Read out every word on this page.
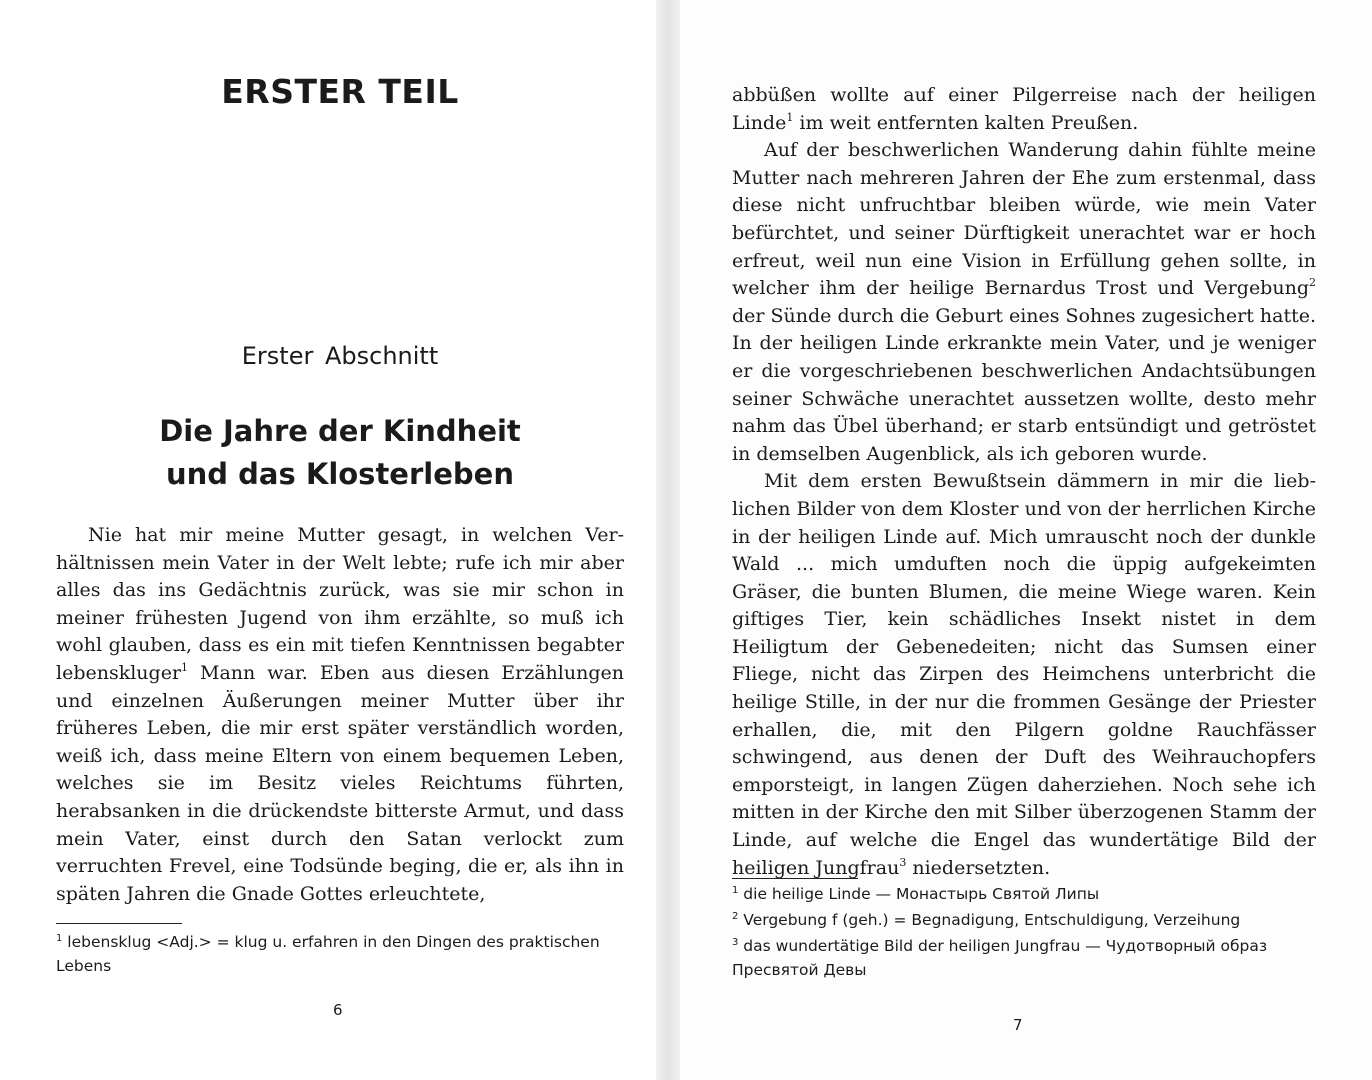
ERSTER TEIL
Erster Abschnitt
Die Jahre der Kindheit
und das Klosterleben

Nie hat mir meine Mutter gesagt, in welchen Verhältnissen mein Vater in der Welt lebte; rufe ich mir aber alles das ins Gedächtnis zurück, was sie mir schon in meiner frühesten Jugend von ihm erzählte, so muß ich wohl glauben, dass es ein mit tiefen Kenntnissen begabter lebenskluger$^1$ Mann war. Eben aus diesen Erzählungen und einzelnen Äußerungen meiner Mutter über ihr früheres Leben, die mir erst später verständlich worden, weiß ich, dass meine Eltern von einem bequemen Leben, welches sie im Besitz vieles Reichtums führten, herabsanken in die drückendste bitterste Armut, und dass mein Vater, einst durch den Satan verlockt zum verruchten Frevel, eine Todsünde beging, die er, als ihn in späten Jahren die Gnade Gottes erleuchtete,

$^1$ lebensklug <Adj.> = klug u. erfahren in den Dingen des praktischen Lebens

6

abbüßen wollte auf einer Pilgerreise nach der heiligen Linde$^1$ im weit entfernten kalten Preußen.

Auf der beschwerlichen Wanderung dahin fühlte meine Mutter nach mehreren Jahren der Ehe zum erstenmal, dass diese nicht unfruchtbar bleiben würde, wie mein Vater befürchtet, und seiner Dürftigkeit unerachtet war er hoch erfreut, weil nun eine Vision in Erfüllung gehen sollte, in welcher ihm der heilige Bernardus Trost und Vergebung$^2$ der Sünde durch die Geburt eines Sohnes zugesichert hatte. In der heiligen Linde erkrankte mein Vater, und je weniger er die vorgeschriebenen beschwerlichen Andachtsübungen seiner Schwäche unerachtet aussetzen wollte, desto mehr nahm das Übel überhand; er starb entsündigt und getröstet in demselben Augenblick, als ich geboren wurde.

Mit dem ersten Bewußtsein dämmern in mir die lieblichen Bilder von dem Kloster und von der herrlichen Kirche in der heiligen Linde auf. Mich umrauscht noch der dunkle Wald ... mich umduften noch die üppig aufgekeimten Gräser, die bunten Blumen, die meine Wiege waren. Kein giftiges Tier, kein schädliches Insekt nistet in dem Heiligtum der Gebenedeiten; nicht das Sumsen einer Fliege, nicht das Zirpen des Heimchens unterbricht die heilige Stille, in der nur die frommen Gesänge der Priester erhallen, die, mit den Pilgern goldne Rauchfässer schwingend, aus denen der Duft des Weihrauchopfers emporsteigt, in langen Zügen daherziehen. Noch sehe ich mitten in der Kirche den mit Silber überzogenen Stamm der Linde, auf welche die Engel das wundertätige Bild der heiligen Jungfrau$^3$ niedersetzten.

$^1$ die heilige Linde — Монастырь Святой Липы

$^2$ Vergebung f (geh.) = Begnadigung, Entschuldigung, Verzeihung

$^3$ das wundertätige Bild der heiligen Jungfrau — Чудотворный образ Пресвятой Девы

7
